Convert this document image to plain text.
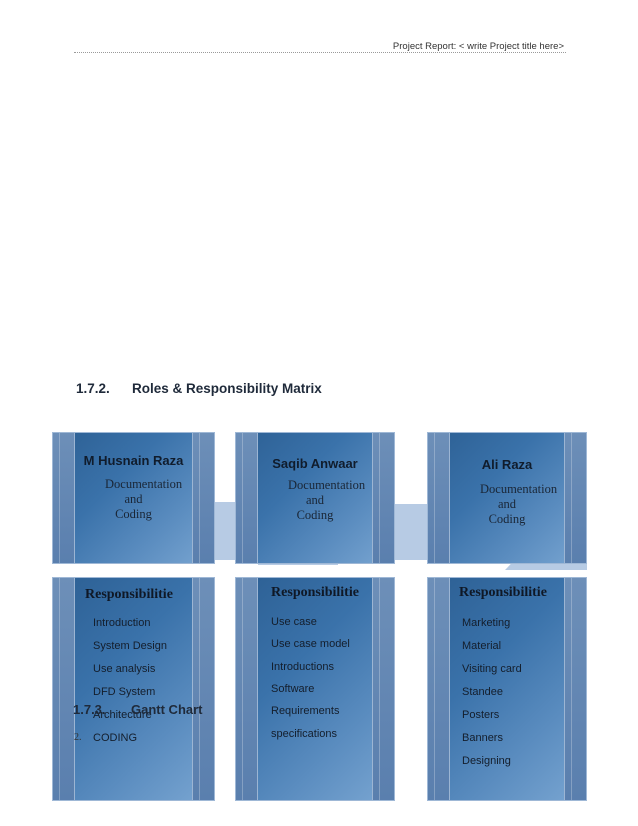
Project Report: < write Project title here>
1.7.2. Roles & Responsibility Matrix
M Husnain Raza
Documentation and Coding
Saqib Anwaar
Documentation and Coding
Ali Raza
Documentation and Coding
Responsibilitie
Introduction
System Design
Use analysis
DFD System
Architecture
CODING
Responsibilitie
Use case
Use case model
Introductions
Software
Requirements
specifications
Responsibilitie
Marketing
Material
Visiting card
Standee
Posters
Banners
Designing
1.7.3. Gantt Chart
2.
